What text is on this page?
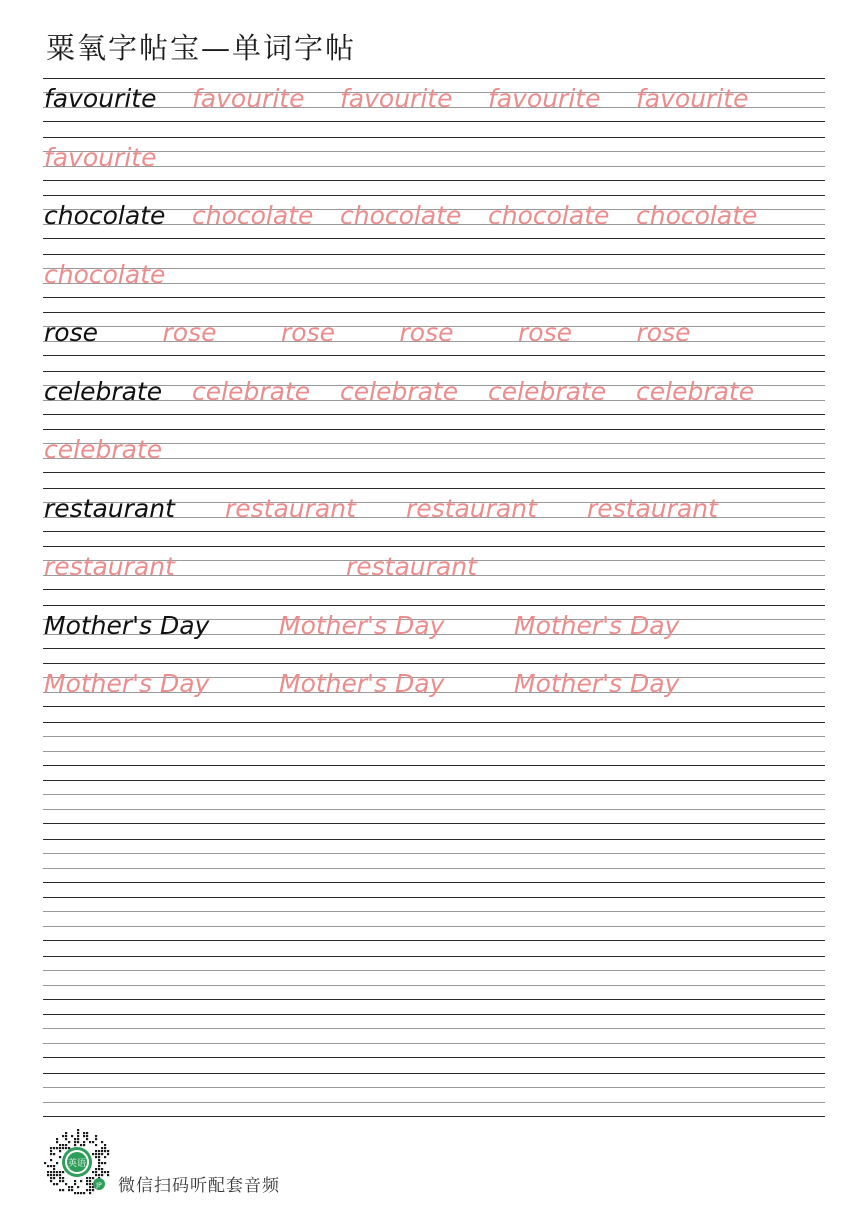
粟氧字帖宝—单词字帖
favourite favourite favourite favourite favourite
favourite
chocolate chocolate chocolate chocolate chocolate
chocolate
rose	rose	rose	rose	rose	rose
celebrate celebrate celebrate celebrate celebrate
celebrate
restaurant restaurant restaurant restaurant
restaurant	restaurant
Mother's Day	Mother's Day	Mother's Day
Mother's Day	Mother's Day	Mother's Day
英语
JP 微信扫码听配套音频
